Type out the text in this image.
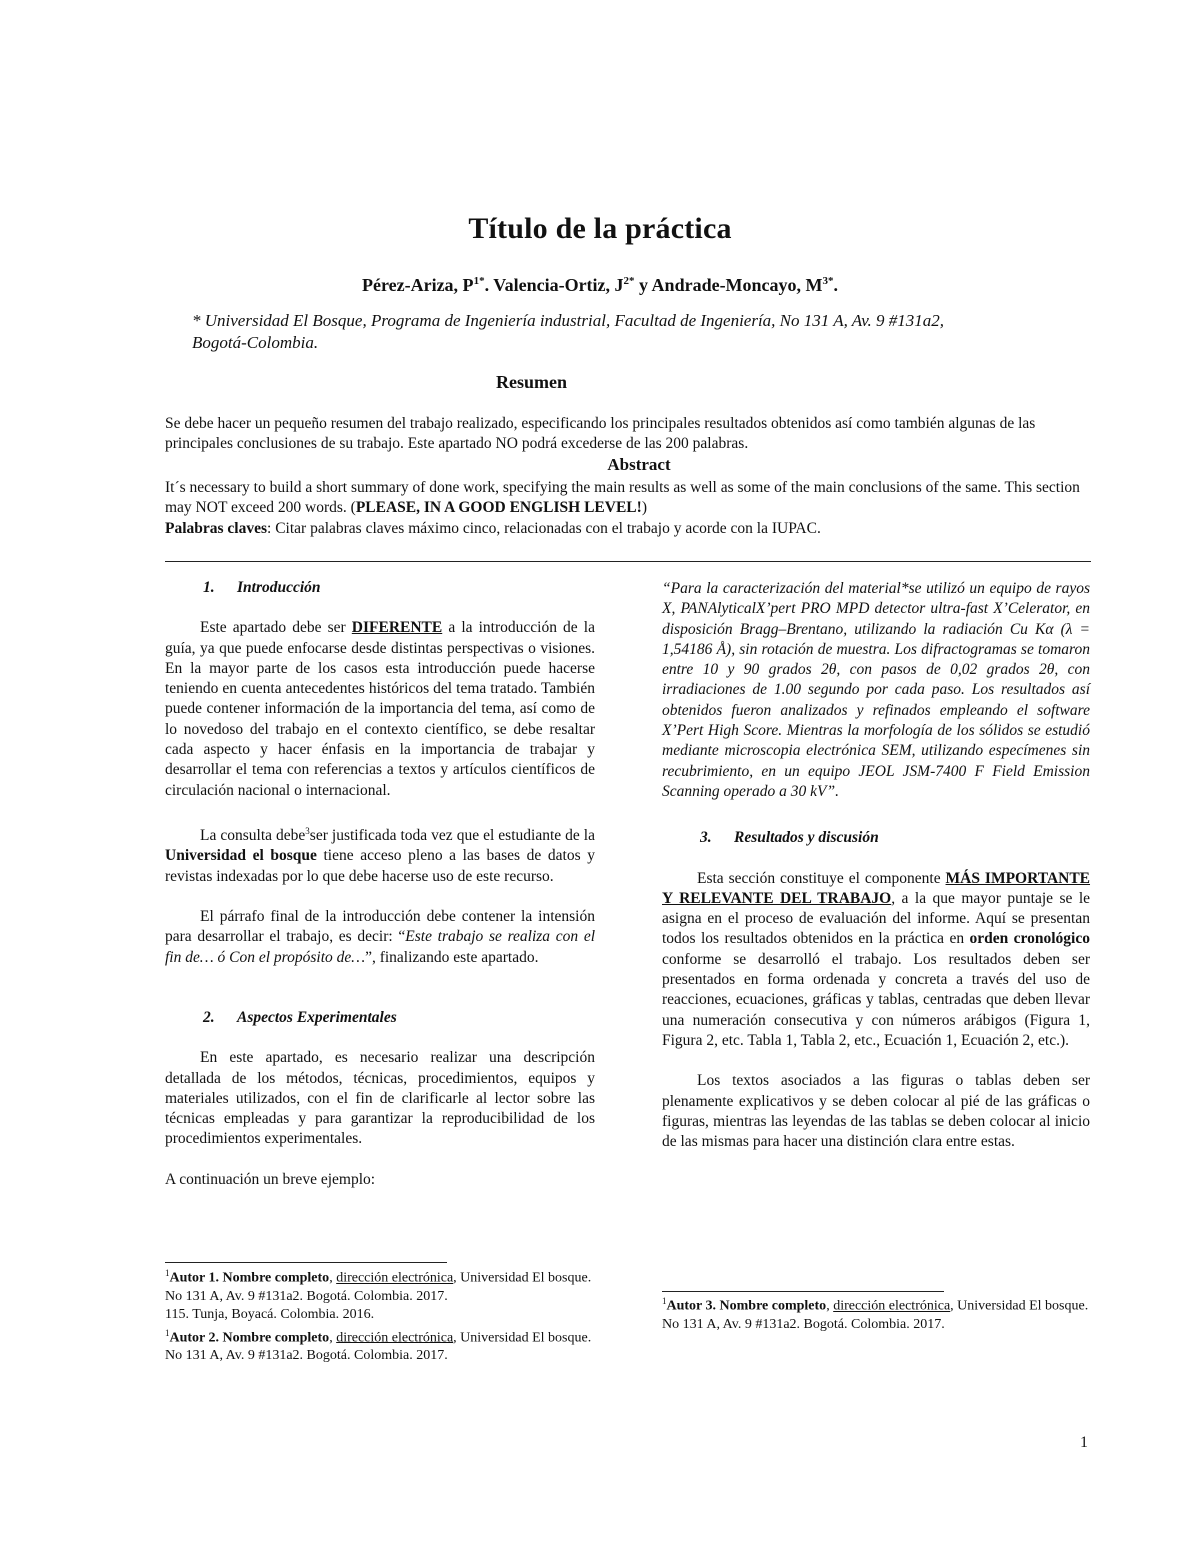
Título de la práctica
Pérez-Ariza, $P^{1*}$. Valencia-Ortiz, $J^{2*}$ y Andrade-Moncayo, $M^{3*}$.
* Universidad El Bosque, Programa de Ingeniería industrial, Facultad de Ingeniería, No 131 A, Av. 9 #131a2,
Bogotá-Colombia.
Resumen
Se debe hacer un pequeño resumen del trabajo realizado, especificando los principales resultados obtenidos así como también algunas de las principales conclusiones de su trabajo. Este apartado NO podrá excederse de las 200 palabras.
Abstract
It´s necessary to build a short summary of done work, specifying the main results as well as some of the main conclusions of the same. This section may NOT exceed 200 words. (PLEASE, IN A GOOD ENGLISH LEVEL!)
Palabras claves: Citar palabras claves máximo cinco, relacionadas con el trabajo y acorde con la IUPAC.

1. Introducción

Este apartado debe ser DIFERENTE a la introducción de la guía, ya que puede enfocarse desde distintas perspectivas o visiones. En la mayor parte de los casos esta introducción puede hacerse teniendo en cuenta antecedentes históricos del tema tratado. También puede contener información de la importancia del tema, así como de lo novedoso del trabajo en el contexto científico, se debe resaltar cada aspecto y hacer énfasis en la importancia de trabajar y desarrollar el tema con referencias a textos y artículos científicos de circulación nacional o internacional.

La consulta debe$^3$ser justificada toda vez que el estudiante de la Universidad el bosque tiene acceso pleno a las bases de datos y revistas indexadas por lo que debe hacerse uso de este recurso.

El párrafo final de la introducción debe contener la intensión para desarrollar el trabajo, es decir: “Este trabajo se realiza con el fin de… ó Con el propósito de…”, finalizando este apartado.

2. Aspectos Experimentales

En este apartado, es necesario realizar una descripción detallada de los métodos, técnicas, procedimientos, equipos y materiales utilizados, con el fin de clarificarle al lector sobre las técnicas empleadas y para garantizar la reproducibilidad de los procedimientos experimentales.

A continuación un breve ejemplo:

$^1$Autor 1. Nombre completo, dirección electrónica, Universidad El bosque. No 131 A, Av. 9 #131a2. Bogotá. Colombia. 2017.
115. Tunja, Boyacá. Colombia. 2016.
$^1$Autor 2. Nombre completo, dirección electrónica, Universidad El bosque. No 131 A, Av. 9 #131a2. Bogotá. Colombia. 2017.

“Para la caracterización del material*se utilizó un equipo de rayos X, PANAlyticalX’pert PRO MPD detector ultra-fast X’Celerator, en disposición Bragg–Brentano, utilizando la radiación Cu Kα (λ = 1,54186 Å), sin rotación de muestra. Los difractogramas se tomaron entre 10 y 90 grados 2θ, con pasos de 0,02 grados 2θ, con irradiaciones de 1.00 segundo por cada paso. Los resultados así obtenidos fueron analizados y refinados empleando el software X’Pert High Score. Mientras la morfología de los sólidos se estudió mediante microscopia electrónica SEM, utilizando especímenes sin recubrimiento, en un equipo JEOL JSM-7400 F Field Emission Scanning operado a 30 kV”.

3. Resultados y discusión

Esta sección constituye el componente MÁS IMPORTANTE Y RELEVANTE DEL TRABAJO, a la que mayor puntaje se le asigna en el proceso de evaluación del informe. Aquí se presentan todos los resultados obtenidos en la práctica en orden cronológico conforme se desarrolló el trabajo. Los resultados deben ser presentados en forma ordenada y concreta a través del uso de reacciones, ecuaciones, gráficas y tablas, centradas que deben llevar una numeración consecutiva y con números arábigos (Figura 1, Figura 2, etc. Tabla 1, Tabla 2, etc., Ecuación 1, Ecuación 2, etc.).

Los textos asociados a las figuras o tablas deben ser plenamente explicativos y se deben colocar al pié de las gráficas o figuras, mientras las leyendas de las tablas se deben colocar al inicio de las mismas para hacer una distinción clara entre estas.

$^1$Autor 3. Nombre completo, dirección electrónica, Universidad El bosque. No 131 A, Av. 9 #131a2. Bogotá. Colombia. 2017.
1
